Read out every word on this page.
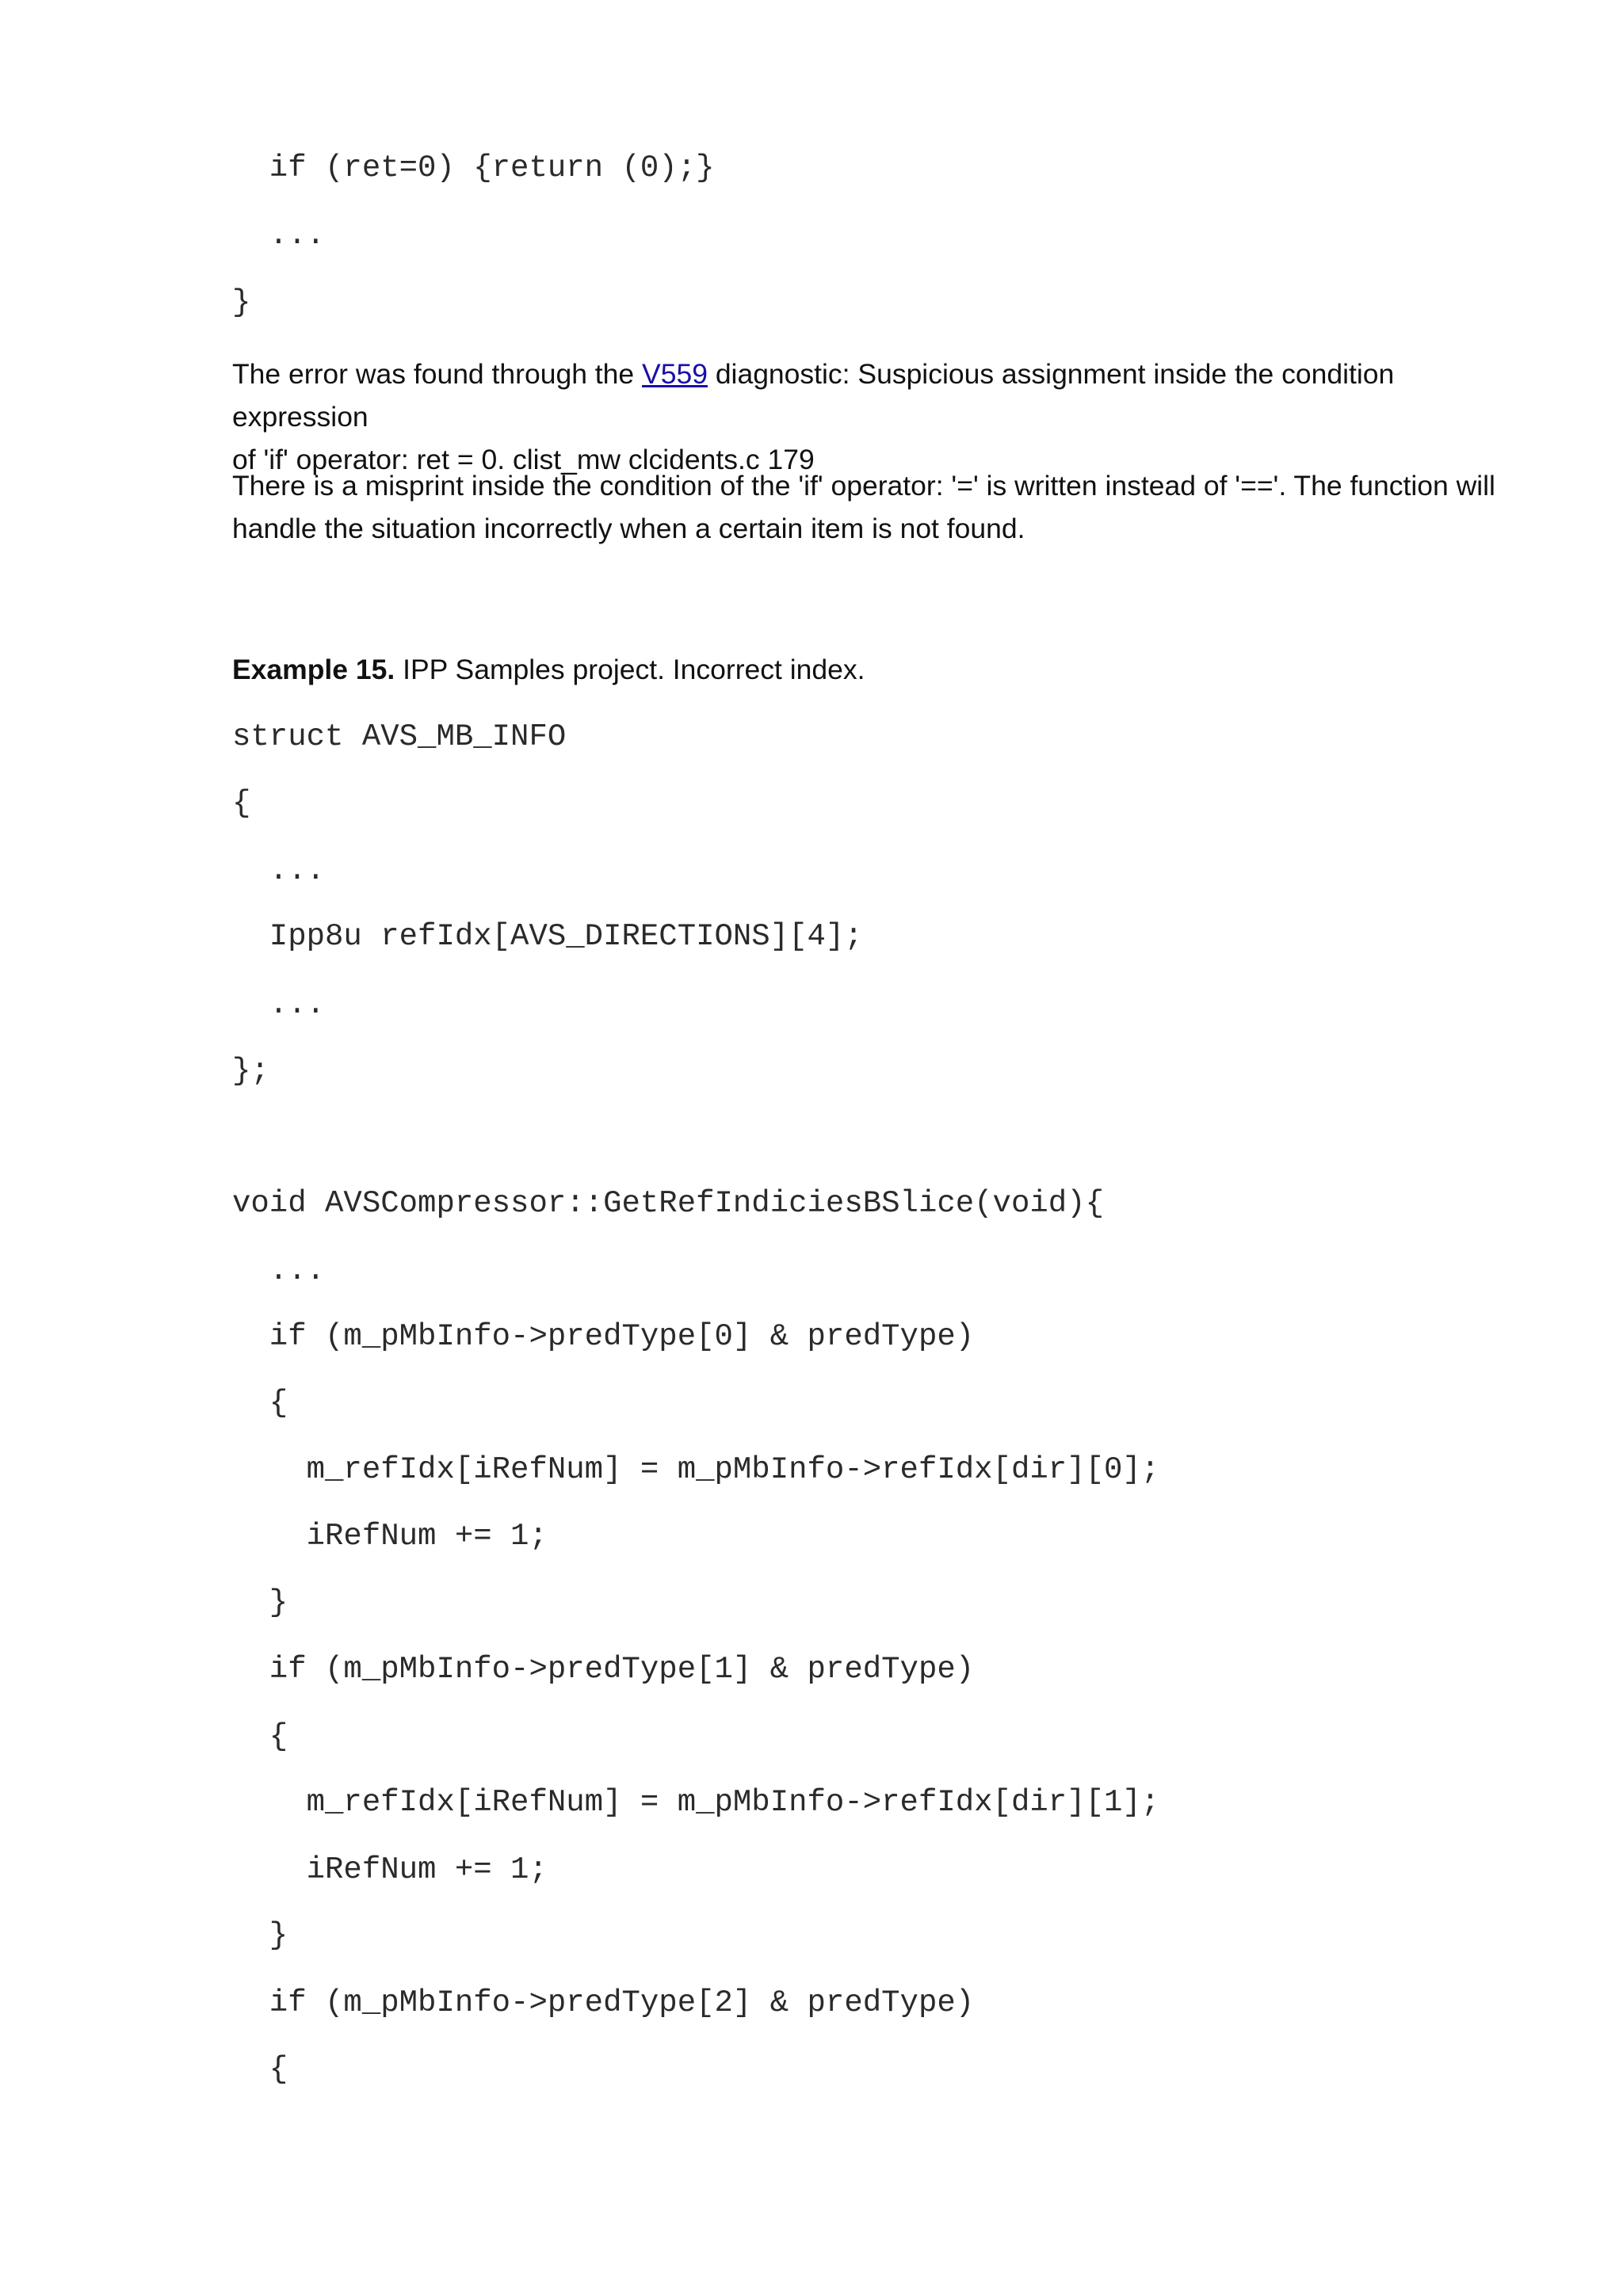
if (ret=0) {return (0);}
...
}
The error was found through the V559 diagnostic: Suspicious assignment inside the condition expression
of 'if' operator: ret = 0. clist_mw clcidents.c 179
There is a misprint inside the condition of the 'if' operator: '=' is written instead of '=='. The function will
handle the situation incorrectly when a certain item is not found.
Example 15. IPP Samples project. Incorrect index.
struct AVS_MB_INFO
{
...
Ipp8u refIdx[AVS_DIRECTIONS][4];
...
};
void AVSCompressor::GetRefIndiciesBSlice(void){
...
if (m_pMbInfo->predType[0] & predType)
{
m_refIdx[iRefNum] = m_pMbInfo->refIdx[dir][0];
iRefNum += 1;
}
if (m_pMbInfo->predType[1] & predType)
{
m_refIdx[iRefNum] = m_pMbInfo->refIdx[dir][1];
iRefNum += 1;
}
if (m_pMbInfo->predType[2] & predType)
{
